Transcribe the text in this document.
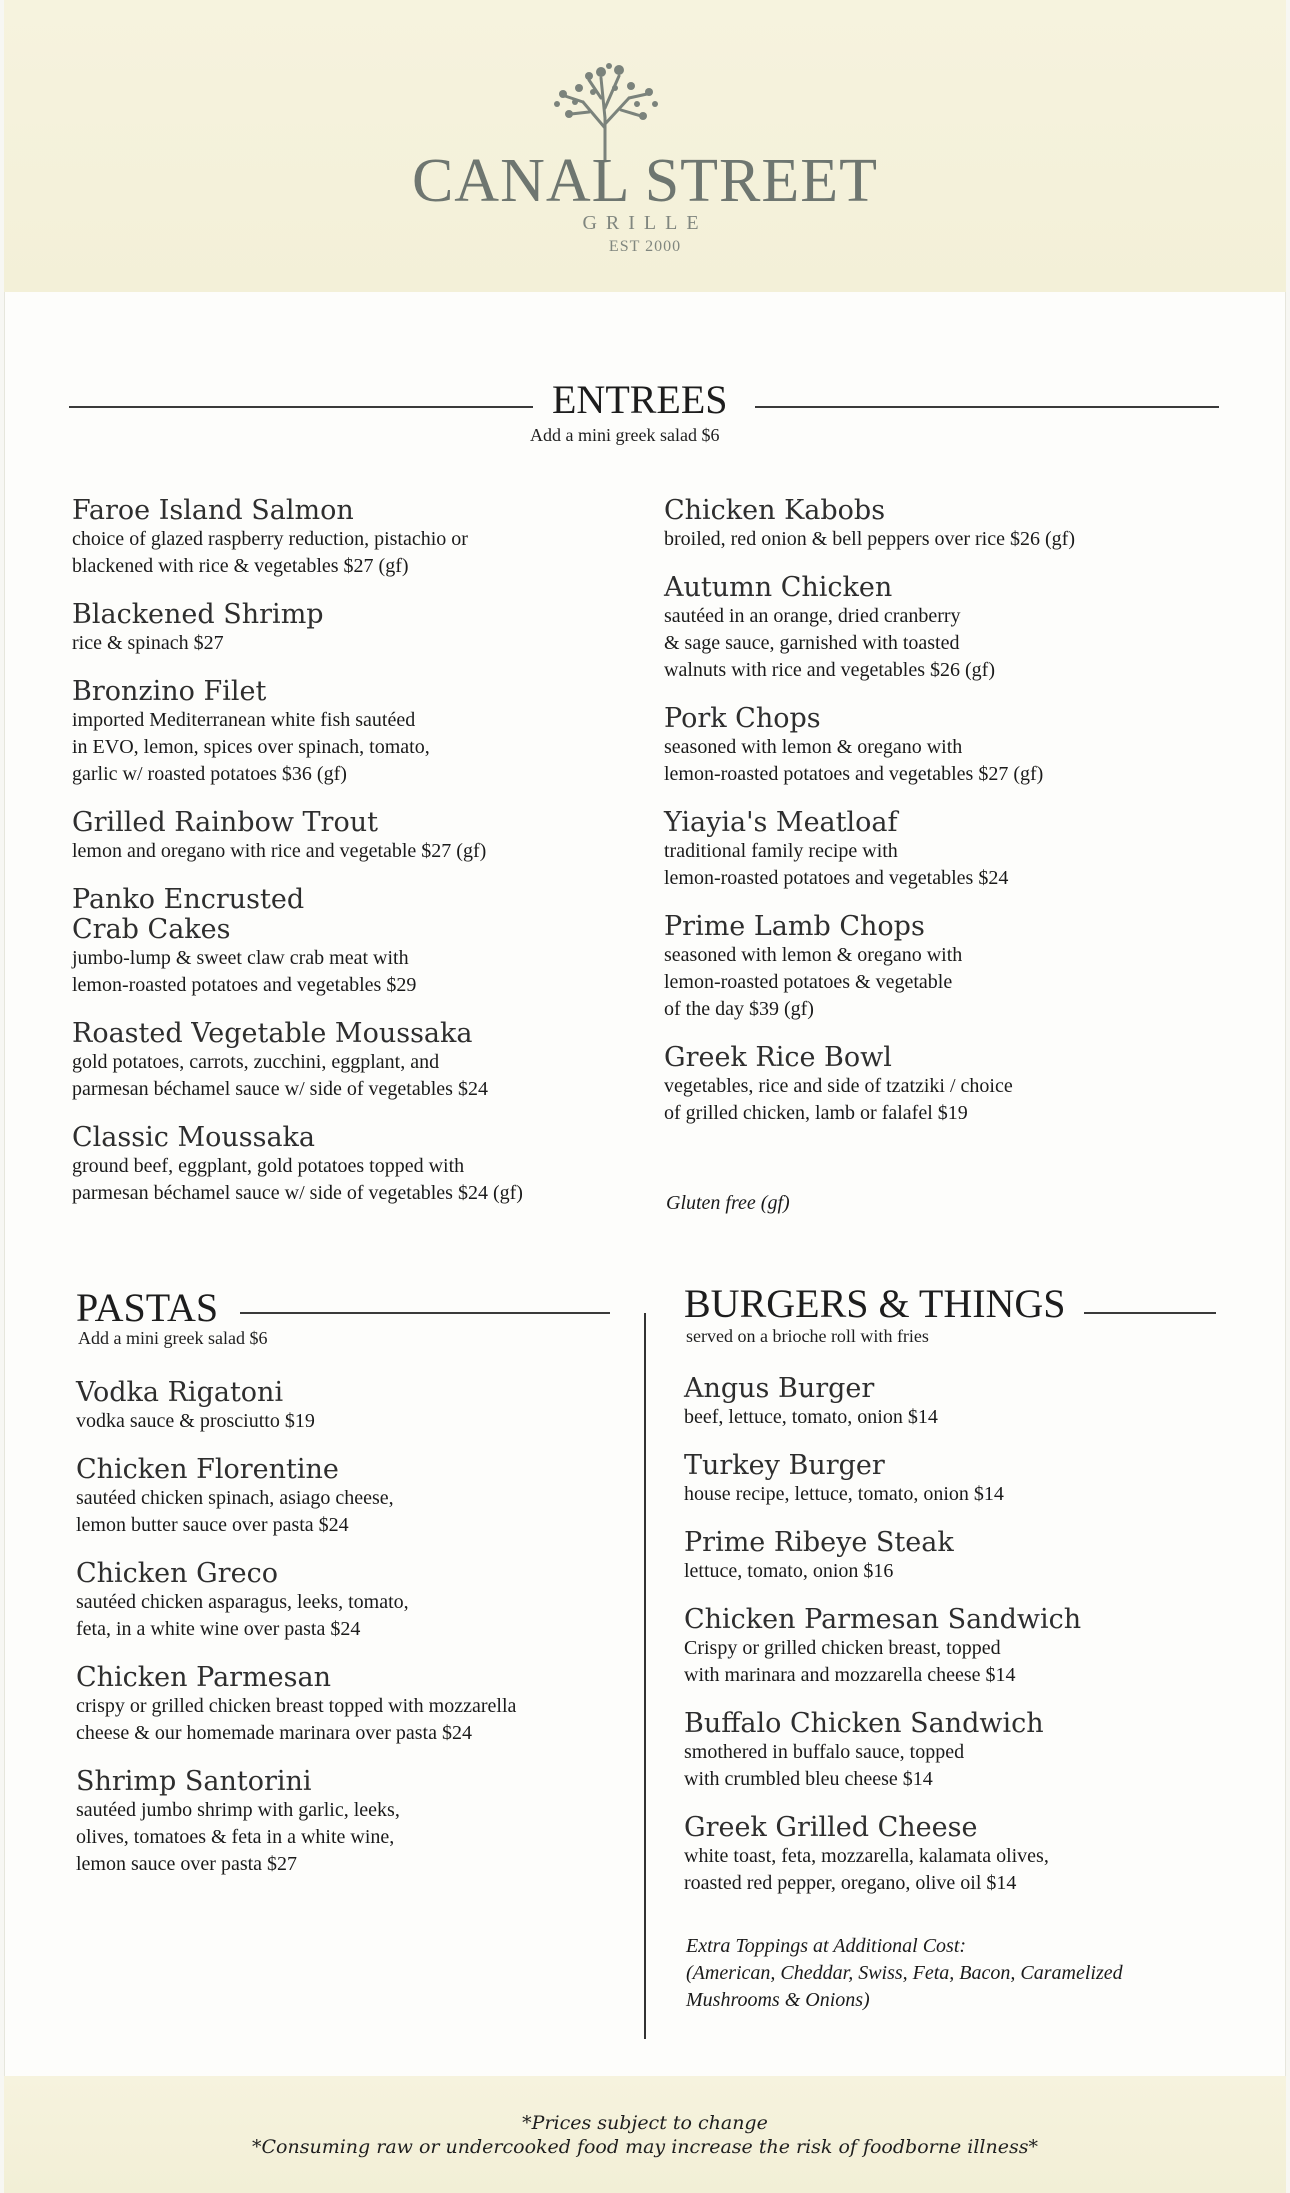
CANAL STREET
GRILLE
EST 2000
ENTREES
Add a mini greek salad $6
Faroe Island Salmon
choice of glazed raspberry reduction, pistachio or
blackened with rice & vegetables $27 (gf)
Blackened Shrimp
rice & spinach $27
Bronzino Filet
imported Mediterranean white fish sautéed
in EVO, lemon, spices over spinach, tomato,
garlic w/ roasted potatoes $36 (gf)
Grilled Rainbow Trout
lemon and oregano with rice and vegetable $27 (gf)
Panko Encrusted
Crab Cakes
jumbo-lump & sweet claw crab meat with
lemon-roasted potatoes and vegetables $29
Roasted Vegetable Moussaka
gold potatoes, carrots, zucchini, eggplant, and
parmesan béchamel sauce w/ side of vegetables $24
Classic Moussaka
ground beef, eggplant, gold potatoes topped with
parmesan béchamel sauce w/ side of vegetables $24 (gf)
Chicken Kabobs
broiled, red onion & bell peppers over rice $26 (gf)
Autumn Chicken
sautéed in an orange, dried cranberry
& sage sauce, garnished with toasted
walnuts with rice and vegetables $26 (gf)
Pork Chops
seasoned with lemon & oregano with
lemon-roasted potatoes and vegetables $27 (gf)
Yiayia's Meatloaf
traditional family recipe with
lemon-roasted potatoes and vegetables $24
Prime Lamb Chops
seasoned with lemon & oregano with
lemon-roasted potatoes & vegetable
of the day $39 (gf)
Greek Rice Bowl
vegetables, rice and side of tzatziki / choice
of grilled chicken, lamb or falafel $19
Gluten free (gf)
PASTAS
Add a mini greek salad $6
Vodka Rigatoni
vodka sauce & prosciutto $19
Chicken Florentine
sautéed chicken spinach, asiago cheese,
lemon butter sauce over pasta $24
Chicken Greco
sautéed chicken asparagus, leeks, tomato,
feta, in a white wine over pasta $24
Chicken Parmesan
crispy or grilled chicken breast topped with mozzarella
cheese & our homemade marinara over pasta $24
Shrimp Santorini
sautéed jumbo shrimp with garlic, leeks,
olives, tomatoes & feta in a white wine,
lemon sauce over pasta $27
BURGERS & THINGS
served on a brioche roll with fries
Angus Burger
beef, lettuce, tomato, onion $14
Turkey Burger
house recipe, lettuce, tomato, onion $14
Prime Ribeye Steak
lettuce, tomato, onion $16
Chicken Parmesan Sandwich
Crispy or grilled chicken breast, topped
with marinara and mozzarella cheese $14
Buffalo Chicken Sandwich
smothered in buffalo sauce, topped
with crumbled bleu cheese $14
Greek Grilled Cheese
white toast, feta, mozzarella, kalamata olives,
roasted red pepper, oregano, olive oil $14
Extra Toppings at Additional Cost:
(American, Cheddar, Swiss, Feta, Bacon, Caramelized
Mushrooms & Onions)
*Prices subject to change
*Consuming raw or undercooked food may increase the risk of foodborne illness*
